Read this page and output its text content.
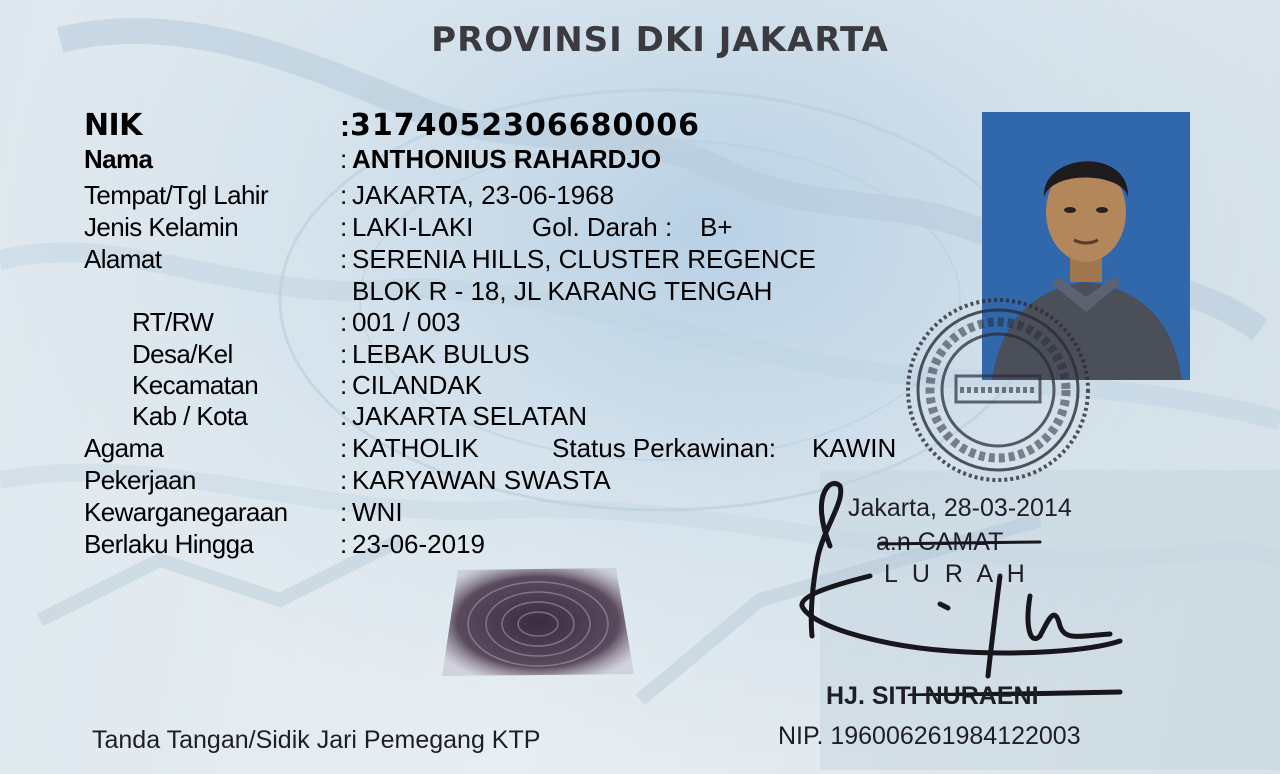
PROVINSI DKI JAKARTA
NIK
Nama
Tempat/Tgl Lahir
Jenis Kelamin
Alamat
RT/RW
Desa/Kel
Kecamatan
Kab / Kota
Agama
Pekerjaan
Kewarganegaraan
Berlaku Hingga
:
:
:
:
:
:
:
:
:
:
:
:
:
3174052306680006
ANTHONIUS RAHARDJO
JAKARTA, 23-06-1968
LAKI-LAKI Gol. Darah : B+
SERENIA HILLS, CLUSTER REGENCE
BLOK R - 18, JL KARANG TENGAH
001 / 003
LEBAK BULUS
CILANDAK
JAKARTA SELATAN
KATHOLIK	Status Perkawinan: KAWIN
KARYAWAN SWASTA
WNI
23-06-2019
Jakarta, 28-03-2014
a.n CAMAT
L U R A H
HJ. SITI NURAENI
NIP. 196006261984122003
Tanda Tangan/Sidik Jari Pemegang KTP
